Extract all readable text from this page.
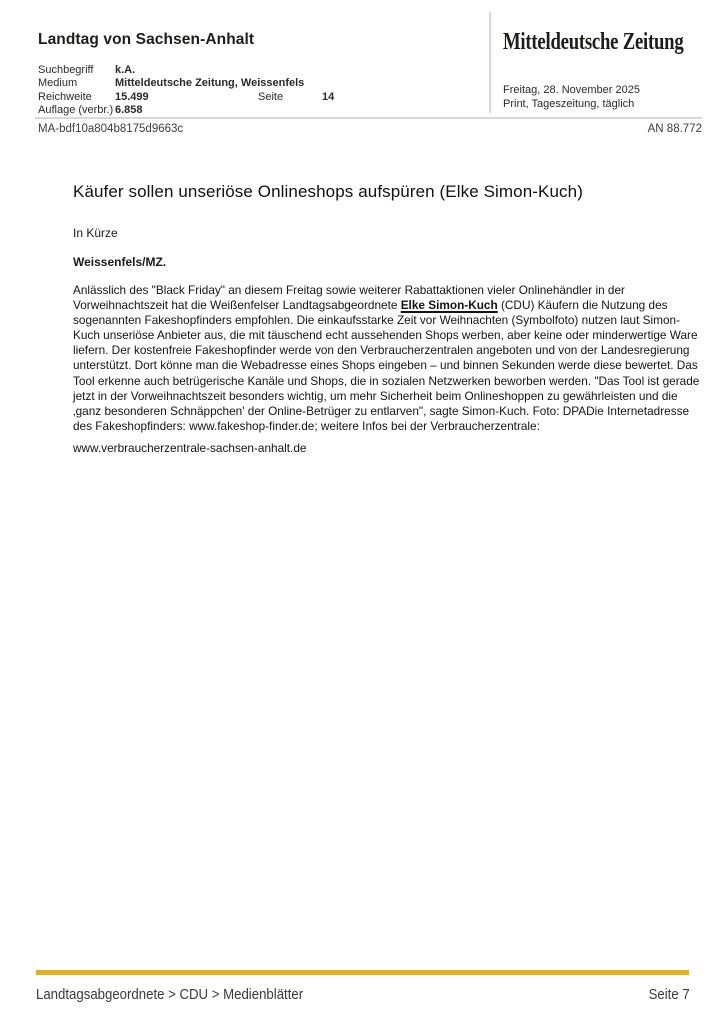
Landtag von Sachsen-Anhalt
Suchbegriff k.A.
Medium	Mitteldeutsche Zeitung, Weissenfels
Reichweite 15.499	Seite	14
Auflage (verbr.) 6.858
Mitteldeutsche Zeitung
Freitag, 28. November 2025
Print, Tageszeitung, täglich
MA-bdf10a804b8175d9663c	AN 88.772
Käufer sollen unseriöse Onlineshops aufspüren (Elke Simon-Kuch)
In Kürze
Weissenfels/MZ.

Anlässlich des "Black Friday" an diesem Freitag sowie weiterer Rabattaktionen vieler Onlinehändler in der Vorweihnachtszeit hat die Weißenfelser Landtagsabgeordnete Elke Simon-Kuch (CDU) Käufern die Nutzung des sogenannten Fakeshopfinders empfohlen. Die einkaufsstarke Zeit vor Weihnachten (Symbolfoto) nutzen laut Simon-Kuch unseriöse Anbieter aus, die mit täuschend echt aussehenden Shops werben, aber keine oder minderwertige Ware liefern. Der kostenfreie Fakeshopfinder werde von den Verbraucherzentralen angeboten und von der Landesregierung unterstützt. Dort könne man die Webadresse eines Shops eingeben – und binnen Sekunden werde diese bewertet. Das Tool erkenne auch betrügerische Kanäle und Shops, die in sozialen Netzwerken beworben werden. "Das Tool ist gerade jetzt in der Vorweihnachtszeit besonders wichtig, um mehr Sicherheit beim Onlineshoppen zu gewährleisten und die ‚ganz besonderen Schnäppchen' der Online-Betrüger zu entlarven", sagte Simon-Kuch. Foto: DPADie Internetadresse des Fakeshopfinders: www.fakeshop-finder.de; weitere Infos bei der Verbraucherzentrale:

www.verbraucherzentrale-sachsen-anhalt.de

Landtagsabgeordnete > CDU > Medienblätter	Seite 7
